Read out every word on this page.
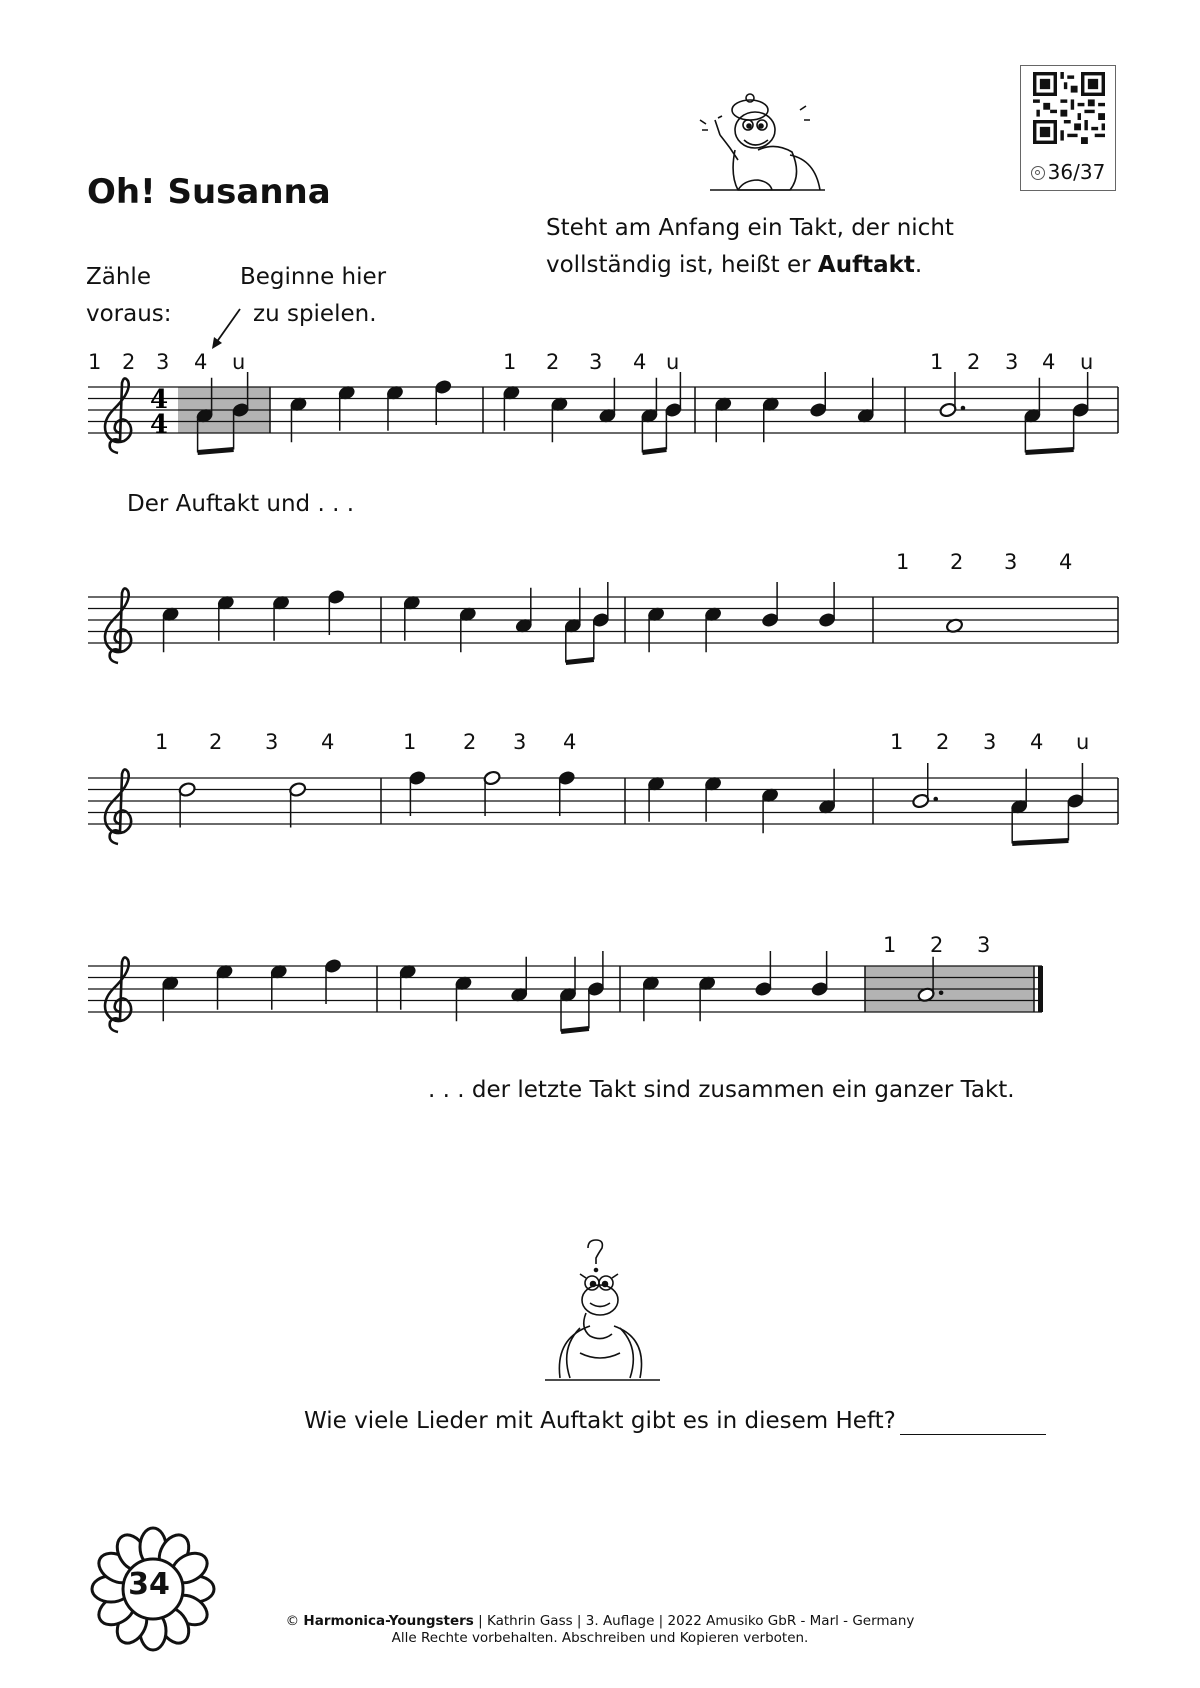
Oh! Susanna	36/37
Steht am Anfang ein Takt, der nicht
vollständig ist, heißt er Auftakt.
Zähle
voraus:
Beginne hier
zu spielen.
1 2 3 4 u	1 2 3 4 u	1 2 3 4 u
1 2 3 4
1 2 3 4	1 2 3 4	1 2 3 4 u
1 2 3
4
4
Der Auftakt und . . .
. . . der letzte Takt sind zusammen ein ganzer Takt.
Wie viele Lieder mit Auftakt gibt es in diesem Heft?
34
© Harmonica-Youngsters | Kathrin Gass | 3. Auflage | 2022 Amusiko GbR - Marl - Germany
Alle Rechte vorbehalten. Abschreiben und Kopieren verboten.
